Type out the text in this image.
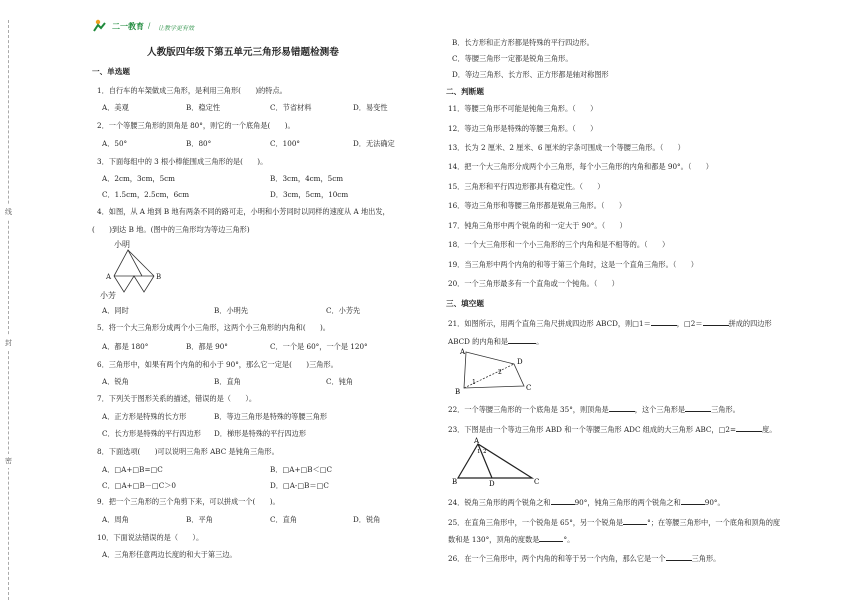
线
封
密
二一教育 / 让教学更有效
人教版四年级下第五单元三角形易错题检测卷
一、单选题
1．自行车的车架做成三角形，是利用三角形(　　)的特点。
A．美观	B．稳定性	C．节省材料	D．易变性
2．一个等腰三角形的顶角是 80°，则它的一个底角是(　　)。
A．50°	B．80°	C．100°	D．无法确定
3．下面每组中的 3 根小棒能围成三角形的是(　　)。
A．2cm，3cm，5cm	B．3cm，4cm，5cm
C．1.5cm，2.5cm，6cm	D．3cm，5cm，10cm
4．如图，从 A 地到 B 地有两条不同的路可走，小明和小芳同时以同样的速度从 A 地出发，
(　　)到达 B 地。(图中的三角形均为等边三角形)
小明
A	B
小芳
A．同时	B．小明先	C．小芳先
5．将一个大三角形分成两个小三角形，这两个小三角形的内角和(　　)。
A．都是 180°	B．都是 90°	C．一个是 60°，一个是 120°
6．三角形中，如果有两个内角的和小于 90°，那么它一定是(　　)三角形。
A．锐角	B．直角	C．钝角
7．下列关于图形关系的描述，错误的是（　　）。
A．正方形是特殊的长方形	B．等边三角形是特殊的等腰三角形
C．长方形是特殊的平行四边形 D．梯形是特殊的平行四边形
8．下面选项(　　)可以说明三角形 ABC 是钝角三角形。
A．□A+□B=□C	B．□A+□B＜□C
C．□A+□B－□C＞0	D．□A-□B＝□C
9．把一个三角形的三个角剪下来，可以拼成一个(　　)。
A．周角	B．平角	C．直角	D．锐角
10．下面说法错误的是（　　）。
A．三角形任意两边长度的和大于第三边。
B．长方形和正方形都是特殊的平行四边形。
C．等腰三角形一定都是锐角三角形。
D．等边三角形、长方形、正方形都是轴对称图形
二、判断题
11．等腰三角形不可能是钝角三角形。（　　）
12．等边三角形是特殊的等腰三角形。（　　）
13．长为 2 厘米、2 厘米、6 厘米的字条可围成一个等腰三角形。（　　）
14．把一个大三角形分成两个小三角形，每个小三角形的内角和都是 90°。（　　）
15．三角形和平行四边形都具有稳定性。（　　）
16．等边三角形和等腰三角形都是锐角三角形。（　　）
17．钝角三角形中两个锐角的和一定大于 90°。（　　）
18．一个大三角形和一个小三角形的三个内角和是不相等的。（　　）
19．当三角形中两个内角的和等于第三个角时，这是一个直角三角形。（　　）
20．一个三角形最多有一个直角或一个钝角。（　　）
三、填空题
21．如图所示，用两个直角三角尺拼成四边形 ABCD，则□1＝	，□2＝	拼成的四边形
ABCD 的内角和是	。
A
D
C
B
1
2
22．一个等腰三角形的一个底角是 35°，则顶角是	，这个三角形是	三角形。
23．下图是由一个等边三角形 ABD 和一个等腰三角形 ADC 组成的大三角形 ABC，□2=	度。
A
B	D	C
1 2
24．锐角三角形的两个锐角之和	90°，钝角三角形的两个锐角之和	90°。
25．在直角三角形中，一个锐角是 65°，另一个锐角是	°；在等腰三角形中，一个底角和顶角的度
数和是 130°，顶角的度数是	°。
26．在一个三角形中，两个内角的和等于另一个内角，那么它是一个	三角形。
